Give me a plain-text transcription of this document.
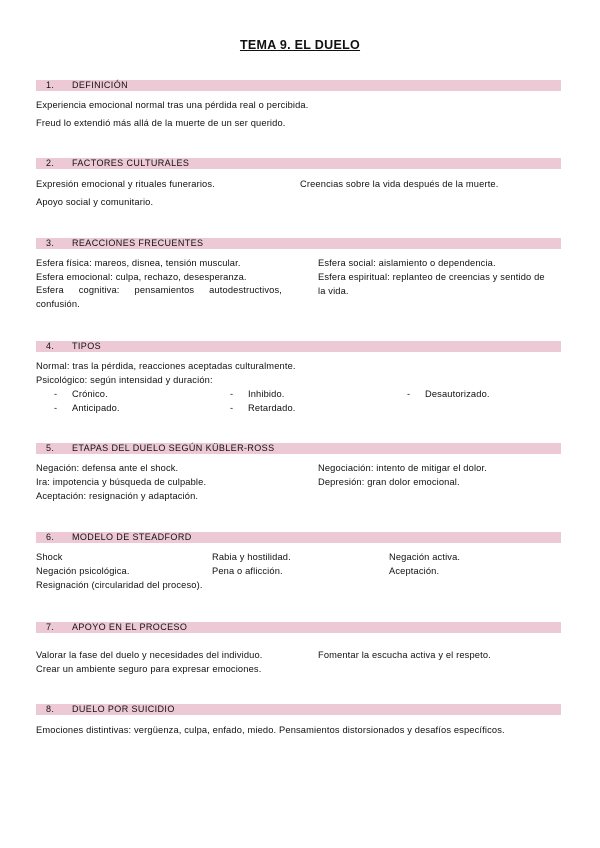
TEMA 9. EL DUELO
1. DEFINICIÓN
Experiencia emocional normal tras una pérdida real o percibida.
Freud lo extendió más allá de la muerte de un ser querido.
2. FACTORES CULTURALES
Expresión emocional y rituales funerarios.	Creencias sobre la vida después de la muerte.
Apoyo social y comunitario.
3. REACCIONES FRECUENTES
Esfera física: mareos, disnea, tensión muscular.
Esfera emocional: culpa, rechazo, desesperanza.
Esfera cognitiva: pensamientos autodestructivos, confusión.
Esfera social: aislamiento o dependencia.
Esfera espiritual: replanteo de creencias y sentido de
la vida.
4. TIPOS
Normal: tras la pérdida, reacciones aceptadas culturalmente.
Psicológico: según intensidad y duración:
- Crónico.
- Anticipado.
- Inhibido.
- Retardado.
- Desautorizado.
5. ETAPAS DEL DUELO SEGÚN KÜBLER-ROSS
Negación: defensa ante el shock.
Ira: impotencia y búsqueda de culpable.
Aceptación: resignación y adaptación.
Negociación: intento de mitigar el dolor.
Depresión: gran dolor emocional.
6. MODELO DE STEADFORD
Shock
Negación psicológica.
Resignación (circularidad del proceso).
Rabia y hostilidad.
Pena o aflicción.
Negación activa.
Aceptación.
7. APOYO EN EL PROCESO
Valorar la fase del duelo y necesidades del individuo.
Crear un ambiente seguro para expresar emociones.
Fomentar la escucha activa y el respeto.
8. DUELO POR SUICIDIO
Emociones distintivas: vergüenza, culpa, enfado, miedo. Pensamientos distorsionados y desafíos específicos.
